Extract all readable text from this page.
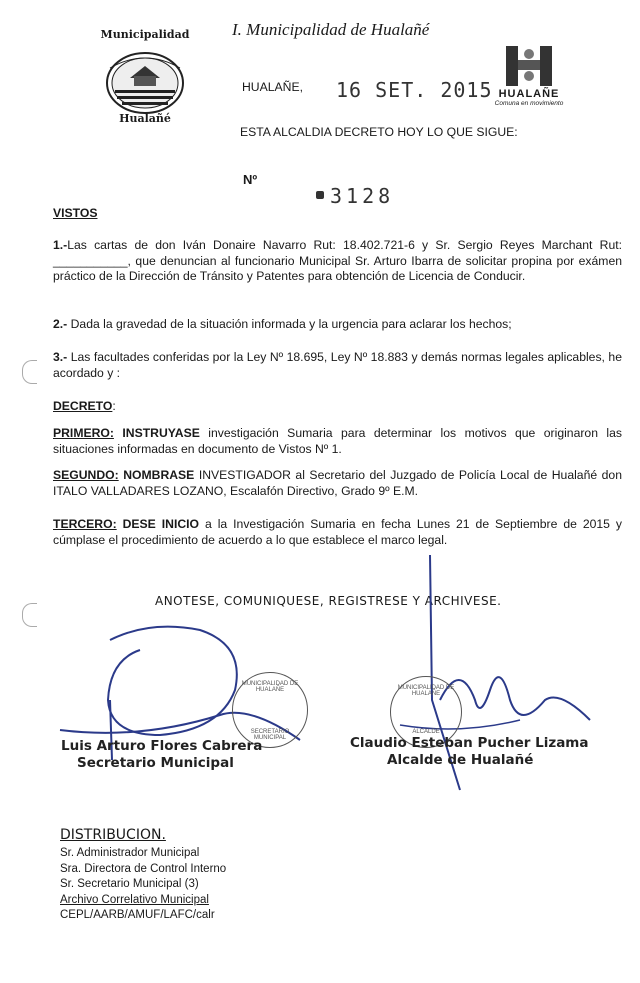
Municipalidad
Hualañé
I. Municipalidad de Hualañé
HUALAÑE
Comuna en movimiento
HUALAÑE, 16 SET. 2015
ESTA ALCALDIA DECRETO HOY LO QUE SIGUE:
Nº
3128
VISTOS
1.-Las cartas de don Iván Donaire Navarro Rut: 18.402.721-6 y Sr. Sergio Reyes Marchant Rut: ___________, que denuncian al funcionario Municipal Sr. Arturo Ibarra de solicitar propina por exámen práctico de la Dirección de Tránsito y Patentes para obtención de Licencia de Conducir.
2.- Dada la gravedad de la situación informada y la urgencia para aclarar los hechos;
3.- Las facultades conferidas por la Ley Nº 18.695, Ley Nº 18.883 y demás normas legales aplicables, he acordado y :
DECRETO:
PRIMERO: INSTRUYASE investigación Sumaria para determinar los motivos que originaron las situaciones informadas en documento de Vistos Nº 1.
SEGUNDO: NOMBRASE INVESTIGADOR al Secretario del Juzgado de Policía Local de Hualañé don ITALO VALLADARES LOZANO, Escalafón Directivo, Grado 9º E.M.
TERCERO: DESE INICIO a la Investigación Sumaria en fecha Lunes 21 de Septiembre de 2015 y cúmplase el procedimiento de acuerdo a lo que establece el marco legal.
ANOTESE, COMUNIQUESE, REGISTRESE Y ARCHIVESE.
MUNICIPALIDAD DE HUALAÑE
SECRETARIO MUNICIPAL
MUNICIPALIDAD DE HUALAÑE
ALCALDE
Luis Arturo Flores Cabrera
Secretario Municipal
Claudio Esteban Pucher Lizama
Alcalde de Hualañé
DISTRIBUCION.
Sr. Administrador Municipal
Sra. Directora de Control Interno
Sr. Secretario Municipal (3)
Archivo Correlativo Municipal
CEPL/AARB/AMUF/LAFC/calr
